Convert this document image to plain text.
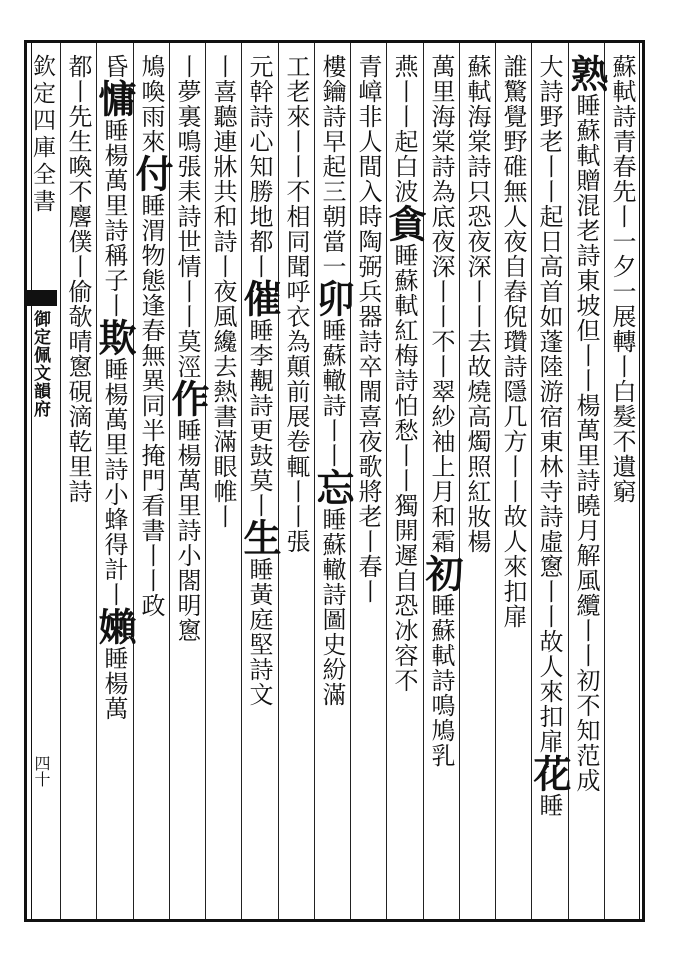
欽定四庫全書
御定佩文韻府
四十
蘇軾詩青春先丨一夕一展轉丨白髮不遺窮
熟睡蘇軾贈混老詩東坡但丨丨楊萬里詩曉月解風纜丨丨初不知范成
大詩野老丨丨起日高首如蓬陸游宿東林寺詩虛窻丨丨故人來扣扉花睡
誰驚覺野碓無人夜自舂倪瓚詩隱几方丨丨故人來扣扉
蘇軾海棠詩只恐夜深丨丨去故燒高燭照紅妝楊
萬里海棠詩為底夜深丨丨不丨翠紗袖上月和霜初睡蘇軾詩鳴鳩乳
燕丨丨起白波貪睡蘇軾紅梅詩怕愁丨丨獨開遲自恐冰容不
青嶂非人間入時陶弼兵器詩卒閙喜夜歌將老丨春丨
樓鑰詩早起三朝當一卯睡蘇轍詩丨丨忘睡蘇轍詩圖史紛滿
工老來丨丨不相同聞呼衣為顛前展卷輒丨丨張
元幹詩心知勝地都丨催睡李覯詩更鼓莫丨生睡黃庭堅詩文
丨喜聽連牀共和詩丨夜風纔去熱書滿眼帷丨
丨夢裏鳴張耒詩世情丨丨莫涇作睡楊萬里詩小閤明窻
鳩喚雨來付睡渭物態逢春無異同半掩門看書丨丨政
昏慵睡楊萬里詩稱子丨欺睡楊萬里詩小蜂得計丨嬾睡楊萬
都丨先生喚不麐僕丨偷欹晴窻硯滴乾里詩
